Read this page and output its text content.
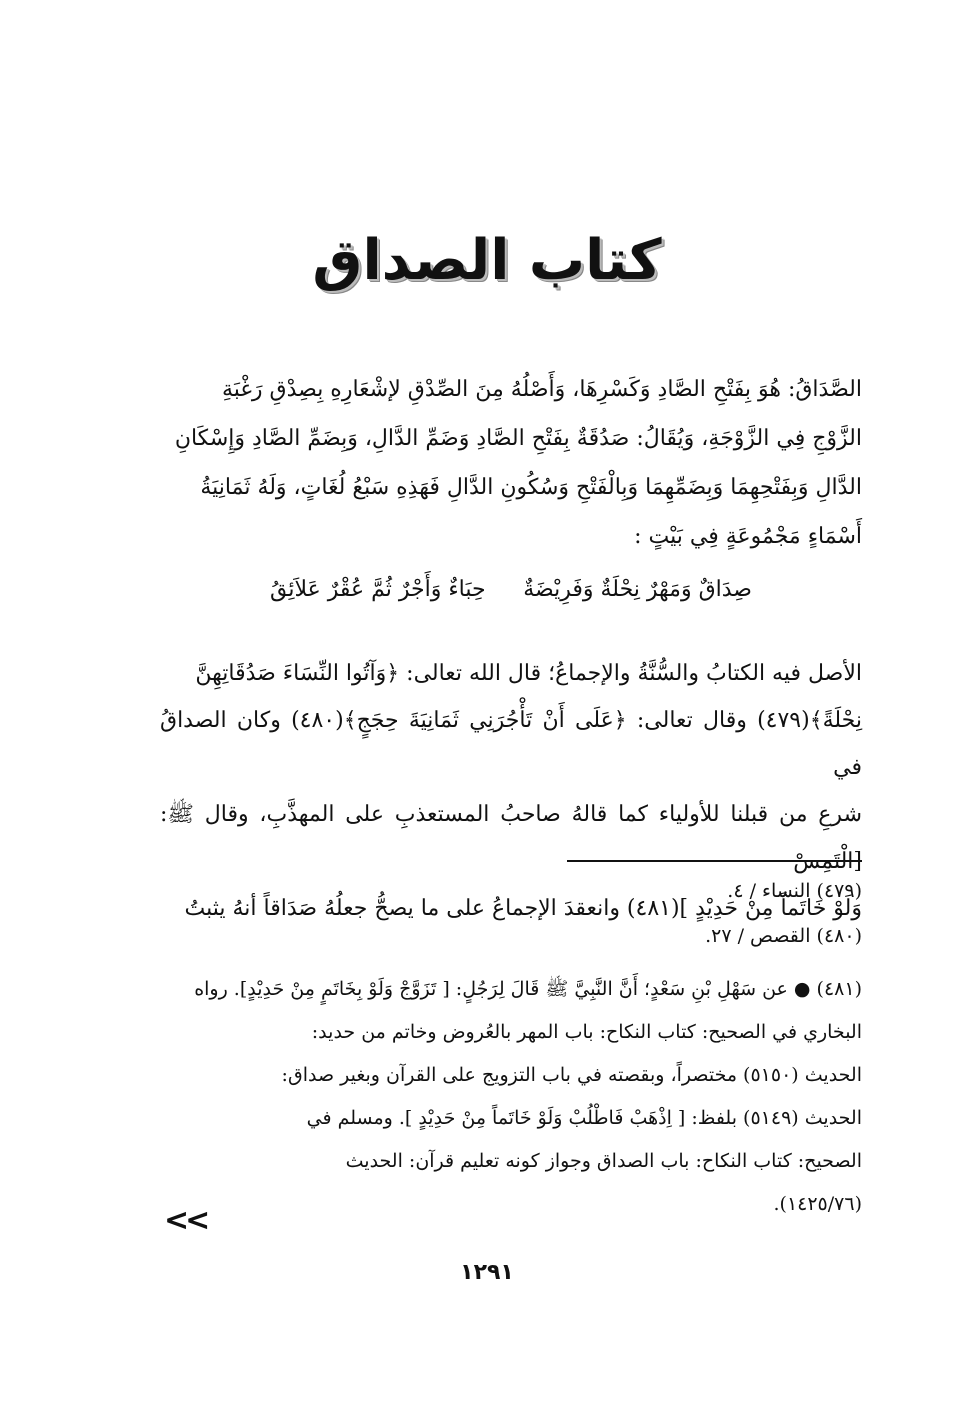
كتاب الصداق

الصَّدَاقُ: هُوَ بِفَتْحِ الصَّادِ وَكَسْرِهَا، وَأَصْلُهُ مِنَ الصِّدْقِ لإشْعَارِهِ بِصِدْقِ رَغْبَةِ

الزَّوْجِ فِي الزَّوْجَةِ، وَيُقَالُ: صَدُقَةٌ بِفَتْحِ الصَّادِ وَضَمِّ الدَّالِ، وَبِضَمِّ الصَّادِ وَإِسْكَانِ

الدَّالِ وَبِفَتْحِهِمَا وَبِضَمِّهِمَا وَبِالْفَتْحِ وَسُكُونِ الدَّالِ فَهَذِهِ سَبْعُ لُغَاتٍ، وَلَهُ ثَمَانِيَةُ

أَسْمَاءٍ مَجْمُوعَةٍ فِي بَيْتٍ :

صِدَاقٌ وَمَهْرٌ نِحْلَةٌ وَفَرِيْضَةٌ
حِبَاءٌ وَأَجْرٌ ثُمَّ عُقْرٌ عَلاَئِقُ

الأصل فيه الكتابُ والسُّنَّةُ والإجماعُ؛ قال الله تعالى: ﴿وَآتُوا النِّسَاءَ صَدُقَاتِهِنَّ

نِحْلَةً﴾(٤٧٩) وقال تعالى: ﴿عَلَى أَنْ تَأْجُرَنِي ثَمَانِيَةَ حِجَجٍ﴾(٤٨٠) وكان الصداقُ في

شرعِ من قبلنا للأولياء كما قالهُ صاحبُ المستعذبِ على المهذَّبِ، وقال ﷺ: [الْتَمِسْ

وَلَوْ خَاتَماً مِنْ حَدِيْدٍ ](٤٨١) وانعقدَ الإجماعُ على ما يصحُّ جعلُهُ صَدَاقاً أنهُ يثبتُ

(٤٧٩) النساء / ٤.
(٤٨٠) القصص / ٢٧.

(٤٨١) ● عن سَهْلِ بْنِ سَعْدٍ؛ أَنَّ النَّبِيَّ ﷺ قَالَ لِرَجُلٍ: [ تَزَوَّجْ وَلَوْ بِخَاتَمٍ مِنْ حَدِيْدٍ]. رواه

البخاري في الصحيح: كتاب النكاح: باب المهر بالعُروض وخاتم من حديد:

الحديث (٥١٥٠) مختصراً، وبقصته في باب التزويج على القرآن وبغير صداق:

الحديث (٥١٤٩) بلفظ: [ اِذْهَبْ فَاطْلُبْ وَلَوْ خَاتَماً مِنْ حَدِيْدٍ ]. ومسلم في

الصحيح: كتاب النكاح: باب الصداق وجواز كونه تعليم قرآن: الحديث

(١٤٢٥/٧٦).

<<
١٢٩١
